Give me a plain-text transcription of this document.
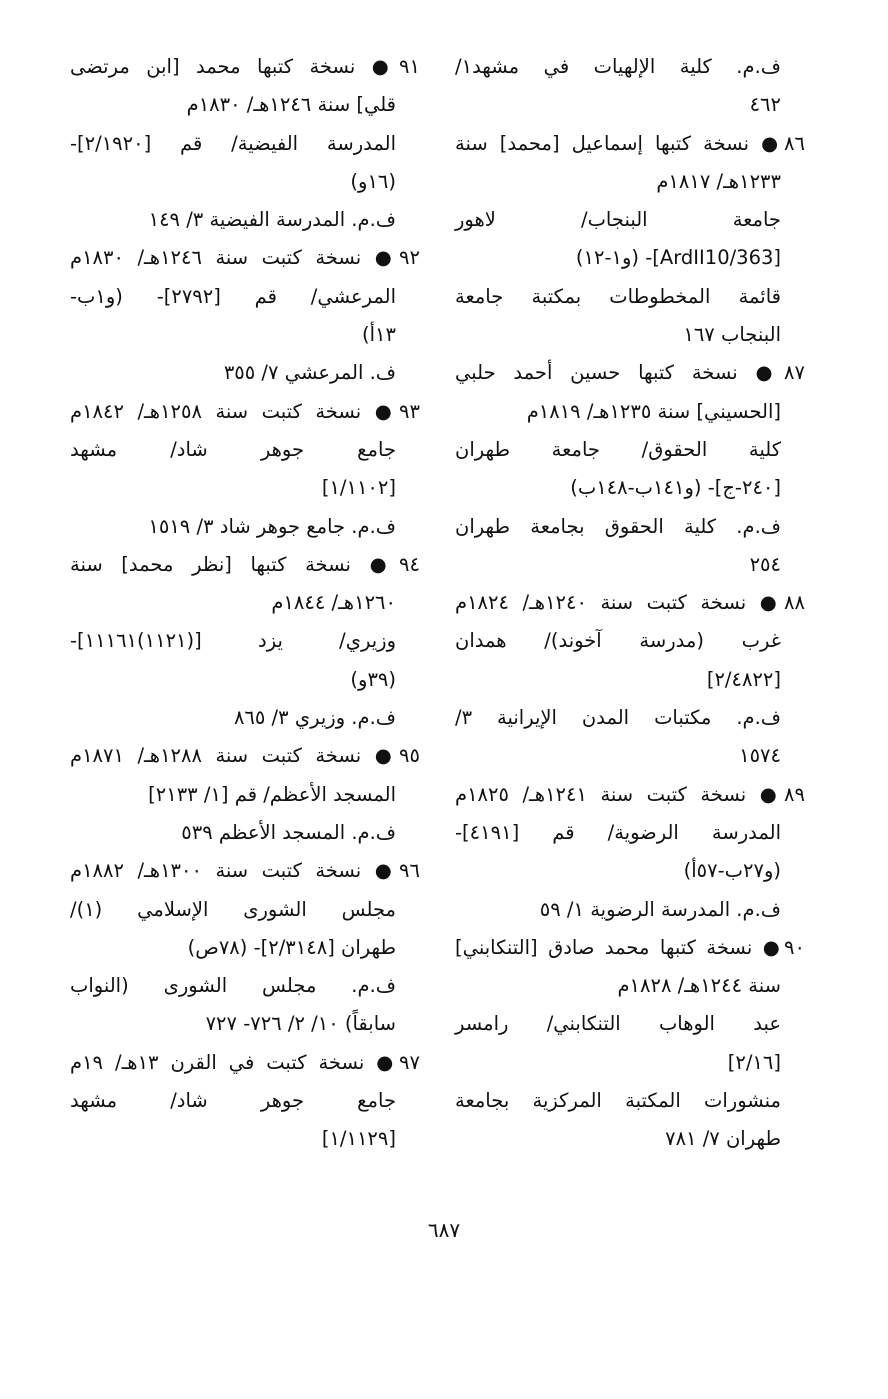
ف.م. كلية الإلهيات في مشهد١/
٤٦٢
٨٦● نسخة كتبها إسماعيل [محمد] سنة
١٢٣٣هـ/ ١٨١٧م
جامعة البنجاب/ لاهور
[ArdII10/363]- (و١-١٢)
قائمة المخطوطات بمكتبة جامعة
البنجاب ١٦٧
٨٧● نسخة كتبها حسين أحمد حلبي
[الحسيني] سنة ١٢٣٥هـ/ ١٨١٩م
كلية الحقوق/ جامعة طهران
[٢٤٠-ج]- (و١٤١ب-١٤٨ب)
ف.م. كلية الحقوق بجامعة طهران
٢٥٤
٨٨● نسخة كتبت سنة ١٢٤٠هـ/ ١٨٢٤م
غرب (مدرسة آخوند)/ همدان
[٢/٤٨٢٢]
ف.م. مكتبات المدن الإيرانية ٣/
١٥٧٤
٨٩● نسخة كتبت سنة ١٢٤١هـ/ ١٨٢٥م
المدرسة الرضوية/ قم [٤١٩١]-
(و٢٧ب-٥٧أ)
ف.م. المدرسة الرضوية ١/ ٥٩
٩٠● نسخة كتبها محمد صادق [التنكابني]
سنة ١٢٤٤هـ/ ١٨٢٨م
عبد الوهاب التنكابني/ رامسر
[٢/١٦]
منشورات المكتبة المركزية بجامعة
طهران ٧/ ٧٨١
٩١● نسخة كتبها محمد [ابن مرتضى
قلي] سنة ١٢٤٦هـ/ ١٨٣٠م
المدرسة الفيضية/ قم [٢/١٩٢٠]-
(١٦و)
ف.م. المدرسة الفيضية ٣/ ١٤٩
٩٢● نسخة كتبت سنة ١٢٤٦هـ/ ١٨٣٠م
المرعشي/ قم [٢٧٩٢]- (و١ب-
١٣أ)
ف. المرعشي ٧/ ٣٥٥
٩٣● نسخة كتبت سنة ١٢٥٨هـ/ ١٨٤٢م
جامع جوهر شاد/ مشهد
[١/١١٠٢]
ف.م. جامع جوهر شاد ٣/ ١٥١٩
٩٤● نسخة كتبها [نظر محمد] سنة
١٢٦٠هـ/ ١٨٤٤م
وزيري/ يزد [(١١٢١)١١١٦١]-
(٣٩و)
ف.م. وزيري ٣/ ٨٦٥
٩٥● نسخة كتبت سنة ١٢٨٨هـ/ ١٨٧١م
المسجد الأعظم/ قم [١/ ٢١٣٣]
ف.م. المسجد الأعظم ٥٣٩
٩٦● نسخة كتبت سنة ١٣٠٠هـ/ ١٨٨٢م
مجلس الشورى الإسلامي (١)/
طهران [٢/٣١٤٨]- (٧٨ص)
ف.م. مجلس الشورى (النواب
سابقاً) ١٠/ ٢/ ٧٢٦- ٧٢٧
٩٧● نسخة كتبت في القرن ١٣هـ/ ١٩م
جامع جوهر شاد/ مشهد
[١/١١٢٩]
٦٨٧
